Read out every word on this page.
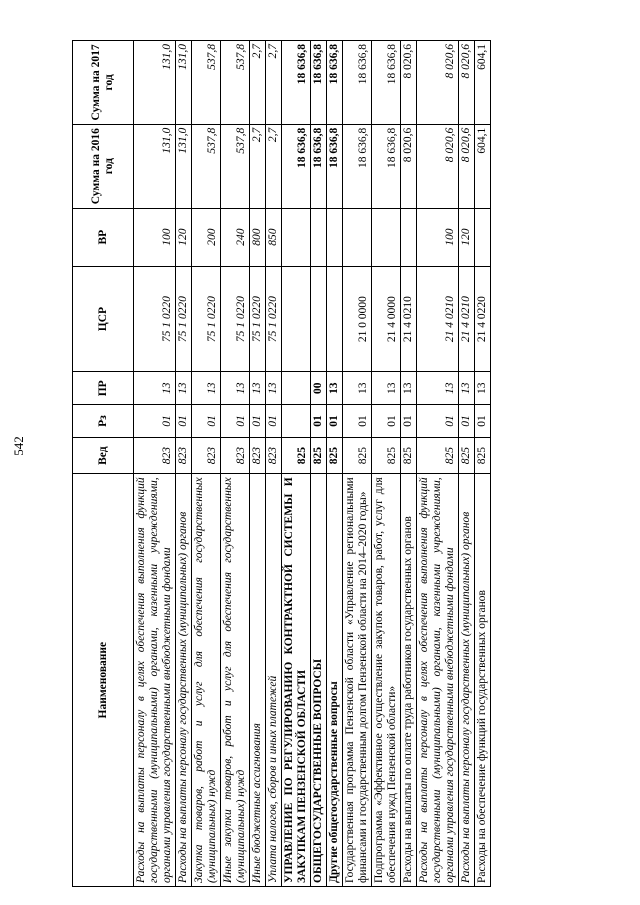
542
Наименование	Вед	Рз	ПР	ЦСР	ВР	Сумма на 2016 год	Сумма на 2017 год
Расходы на выплаты персоналу в целях обеспечения выполнения функций государственными (муниципальными) органами, казенными учреждениями, органами управления государственными внебюджетными фондами	823	01	13	75 1 0220	100	131,0	131,0
Расходы на выплаты персоналу государственных (муниципальных) органов	823	01	13	75 1 0220	120	131,0	131,0
Закупка товаров, работ и услуг для обеспечения государственных (муниципальных) нужд	823	01	13	75 1 0220	200	537,8	537,8
Иные закупки товаров, работ и услуг для обеспечения государственных (муниципальных) нужд	823	01	13	75 1 0220	240	537,8	537,8
Иные бюджетные ассигнования	823	01	13	75 1 0220	800	2,7	2,7
Уплата налогов, сборов и иных платежей	823	01	13	75 1 0220	850	2,7	2,7
УПРАВЛЕНИЕ ПО РЕГУЛИРОВАНИЮ КОНТРАКТНОЙ СИСТЕМЫ И ЗАКУПКАМ ПЕНЗЕНСКОЙ ОБЛАСТИ	825					18 636,8	18 636,8
ОБЩЕГОСУДАРСТВЕННЫЕ ВОПРОСЫ	825	01	00			18 636,8	18 636,8
Другие общегосударственные вопросы	825	01	13			18 636,8	18 636,8
Государственная программа Пензенской области «Управление региональными финансами и государственным долгом Пензенской области на 2014–2020 годы»	825	01	13	21 0 0000		18 636,8	18 636,8
Подпрограмма «Эффективное осуществление закупок товаров, работ, услуг для обеспечения нужд Пензенской области»	825	01	13	21 4 0000		18 636,8	18 636,8
Расходы на выплаты по оплате труда работников государственных органов	825	01	13	21 4 0210		8 020,6	8 020,6
Расходы на выплаты персоналу в целях обеспечения выполнения функций государственными (муниципальными) органами, казенными учреждениями, органами управления государственными внебюджетными фондами	825	01	13	21 4 0210	100	8 020,6	8 020,6
Расходы на выплаты персоналу государственных (муниципальных) органов	825	01	13	21 4 0210	120	8 020,6	8 020,6
Расходы на обеспечение функций государственных органов	825	01	13	21 4 0220		604,1	604,1
